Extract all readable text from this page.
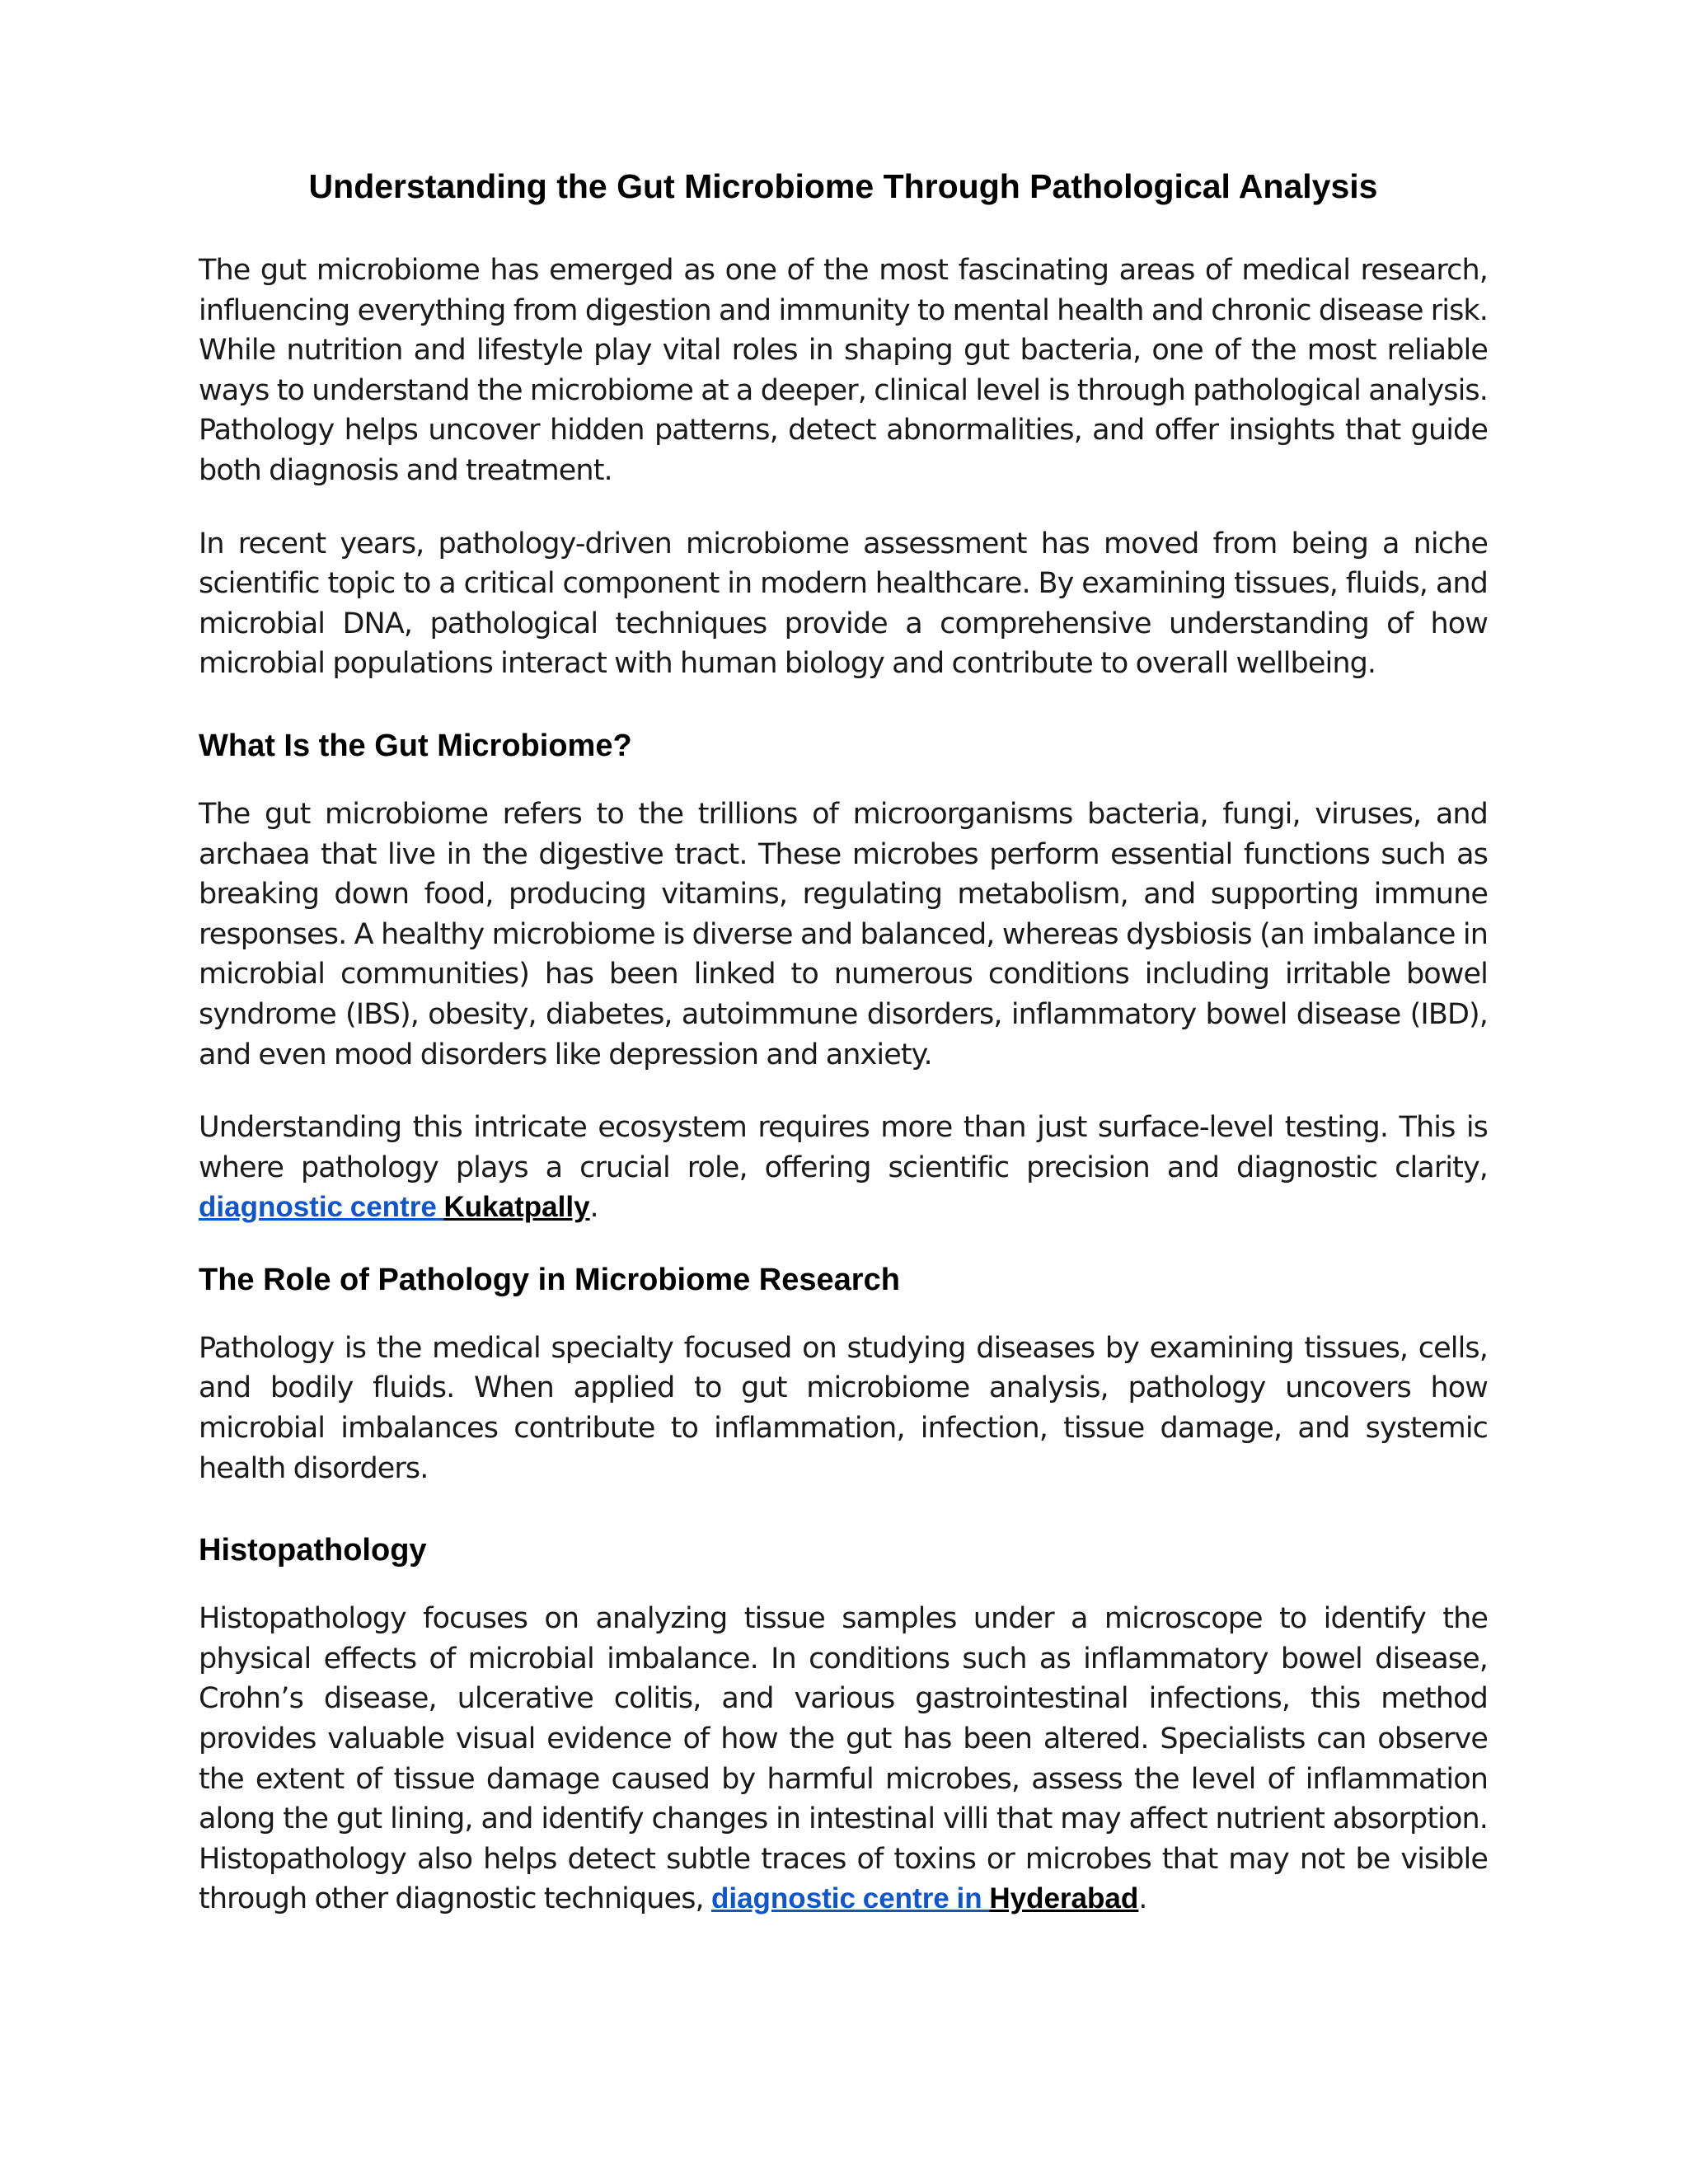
Understanding the Gut Microbiome Through Pathological Analysis

The gut microbiome has emerged as one of the most fascinating areas of medical research, influencing everything from digestion and immunity to mental health and chronic disease risk. While nutrition and lifestyle play vital roles in shaping gut bacteria, one of the most reliable ways to understand the microbiome at a deeper, clinical level is through pathological analysis. Pathology helps uncover hidden patterns, detect abnormalities, and offer insights that guide both diagnosis and treatment.

In recent years, pathology-driven microbiome assessment has moved from being a niche scientific topic to a critical component in modern healthcare. By examining tissues, fluids, and microbial DNA, pathological techniques provide a comprehensive understanding of how microbial populations interact with human biology and contribute to overall wellbeing.

What Is the Gut Microbiome?

The gut microbiome refers to the trillions of microorganisms bacteria, fungi, viruses, and archaea that live in the digestive tract. These microbes perform essential functions such as breaking down food, producing vitamins, regulating metabolism, and supporting immune responses. A healthy microbiome is diverse and balanced, whereas dysbiosis (an imbalance in microbial communities) has been linked to numerous conditions including irritable bowel syndrome (IBS), obesity, diabetes, autoimmune disorders, inflammatory bowel disease (IBD), and even mood disorders like depression and anxiety.

Understanding this intricate ecosystem requires more than just surface-level testing. This is where pathology plays a crucial role, offering scientific precision and diagnostic clarity, diagnostic centre Kukatpally.

The Role of Pathology in Microbiome Research

Pathology is the medical specialty focused on studying diseases by examining tissues, cells, and bodily fluids. When applied to gut microbiome analysis, pathology uncovers how microbial imbalances contribute to inflammation, infection, tissue damage, and systemic health disorders.

Histopathology

Histopathology focuses on analyzing tissue samples under a microscope to identify the physical effects of microbial imbalance. In conditions such as inflammatory bowel disease, Crohn’s disease, ulcerative colitis, and various gastrointestinal infections, this method provides valuable visual evidence of how the gut has been altered. Specialists can observe the extent of tissue damage caused by harmful microbes, assess the level of inflammation along the gut lining, and identify changes in intestinal villi that may affect nutrient absorption. Histopathology also helps detect subtle traces of toxins or microbes that may not be visible through other diagnostic techniques, diagnostic centre in Hyderabad.
